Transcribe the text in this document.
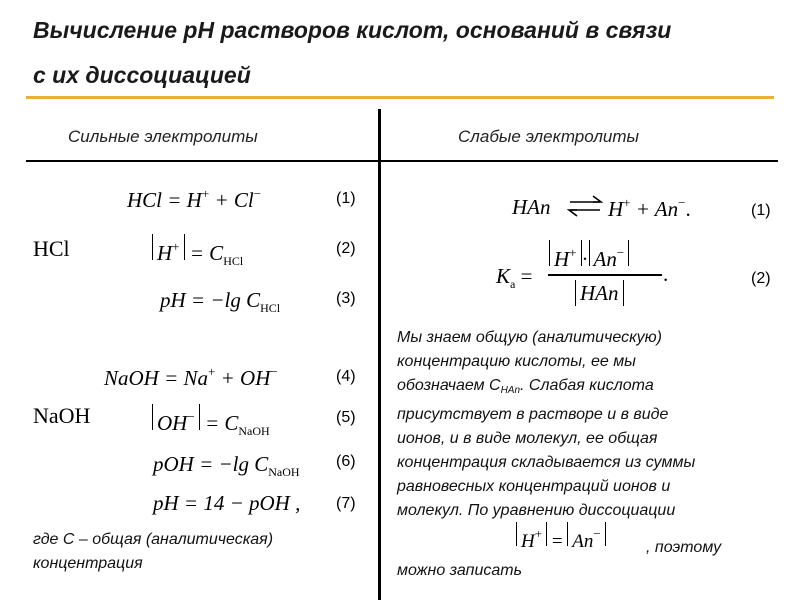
Вычисление рН растворов кислот, оснований в связи
с их диссоциацией
Сильные электролиты	Слабые электролиты
HCl
NaOH
HCl = H+ + Cl−	(1)
$H^+ = C_{HCl}$
(2)
pH = −lg $C_{HCl}$
(3)
NaOH = Na+ + OH−	(4)
$OH^- = C_{NaOH}$
(5)
pOH = −lg $C_{NaOH}$
(6)
pH = 14 − pOH , (7)
где С – общая (аналитическая)
концентрация
HAn ⇌ H+ + An−.	(1)
$K_a$ =
H+ · An−
HAn
.	(2)
Мы знаем общую (аналитическую)
концентрацию кислоты, ее мы
обозначаем $С_{HAn}$. Слабая кислота
присутствует в растворе и в виде
ионов, и в виде молекул, ее общая
концентрация складывается из суммы
равновесных концентраций ионов и
молекул. По уравнению диссоциации
H+ = An−
, поэтому
можно записать
